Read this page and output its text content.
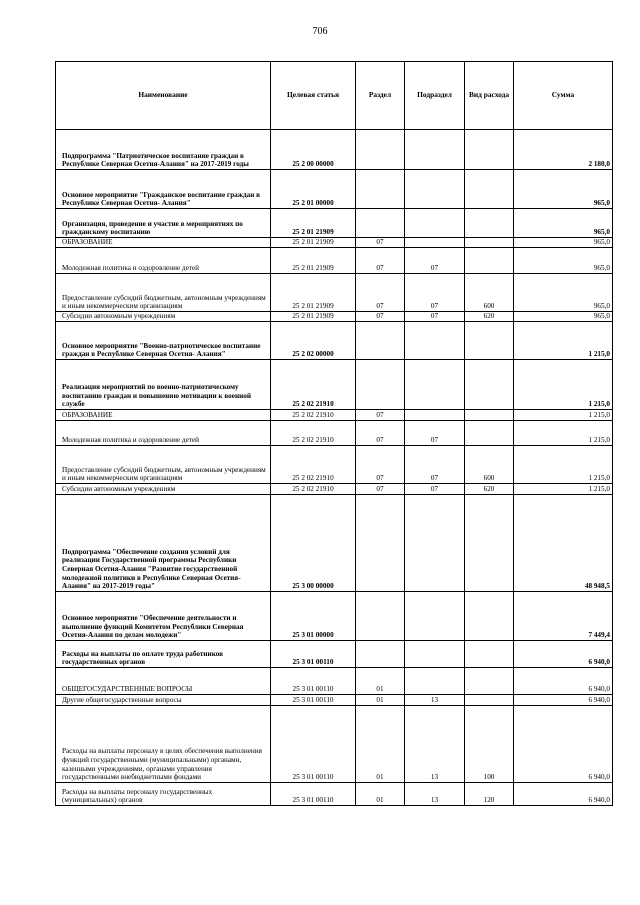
706
Наименование	Целевая статья	Раздел	Подраздел	Вид расхода	Сумма
Подпрограмма "Патриотическое воспитание граждан в Республике Северная Осетия-Алания" на 2017-2019 годы	25 2 00 00000				2 180,0
Основное мероприятие "Гражданское воспитание граждан в Республике Северная Осетия- Алания"	25 2 01 00000				965,0
Организация, проведение и участие в мероприятиях по гражданскому воспитанию	25 2 01 21909				965,0
ОБРАЗОВАНИЕ	25 2 01 21909	07			965,0
Молодежная политика и оздоровление детей	25 2 01 21909	07	07		965,0
Предоставление субсидий бюджетным, автономным учреждениям и иным некоммерческим организациям	25 2 01 21909	07	07	600	965,0
Субсидии автономным учреждениям	25 2 01 21909	07	07	620	965,0
Основное мероприятие "Военно-патриотическое воспитание граждан в Республике Северная Осетия- Алания"	25 2 02 00000				1 215,0
Реализация мероприятий по военно-патриотическому воспитанию граждан и повышению мотивации к военной службе	25 2 02 21910				1 215,0
ОБРАЗОВАНИЕ	25 2 02 21910	07			1 215,0
Молодежная политика и оздоровление детей	25 2 02 21910	07	07		1 215,0
Предоставление субсидий бюджетным, автономным учреждениям и иным некоммерческим организациям	25 2 02 21910	07	07	600	1 215,0
Субсидии автономным учреждениям	25 2 02 21910	07	07	620	1 215,0
Подпрограмма "Обеспечение создания условий для реализации Государственной программы Республики Северная Осетия-Алания "Развитие государственной молодежной политики в Республике Северная Осетия-Алания" на 2017-2019 годы"	25 3 00 00000				48 948,5
Основное мероприятие "Обеспечение деятельности и выполнение функций Комитетом Республики Северная Осетия-Алания по делам молодежи"	25 3 01 00000				7 449,4
Расходы на выплаты по оплате труда работников государственных органов	25 3 01 00110				6 940,0
ОБЩЕГОСУДАРСТВЕННЫЕ ВОПРОСЫ	25 3 01 00110	01			6 940,0
Другие общегосударственные вопросы	25 3 01 00110	01	13		6 940,0
Расходы на выплаты персоналу в целях обеспечения выполнения функций государственными (муниципальными) органами, казенными учреждениями, органами управления государственными внебюджетными фондами	25 3 01 00110	01	13	100	6 940,0
Расходы на выплаты персоналу государственных (муниципальных) органов	25 3 01 00110	01	13	120	6 940,0
